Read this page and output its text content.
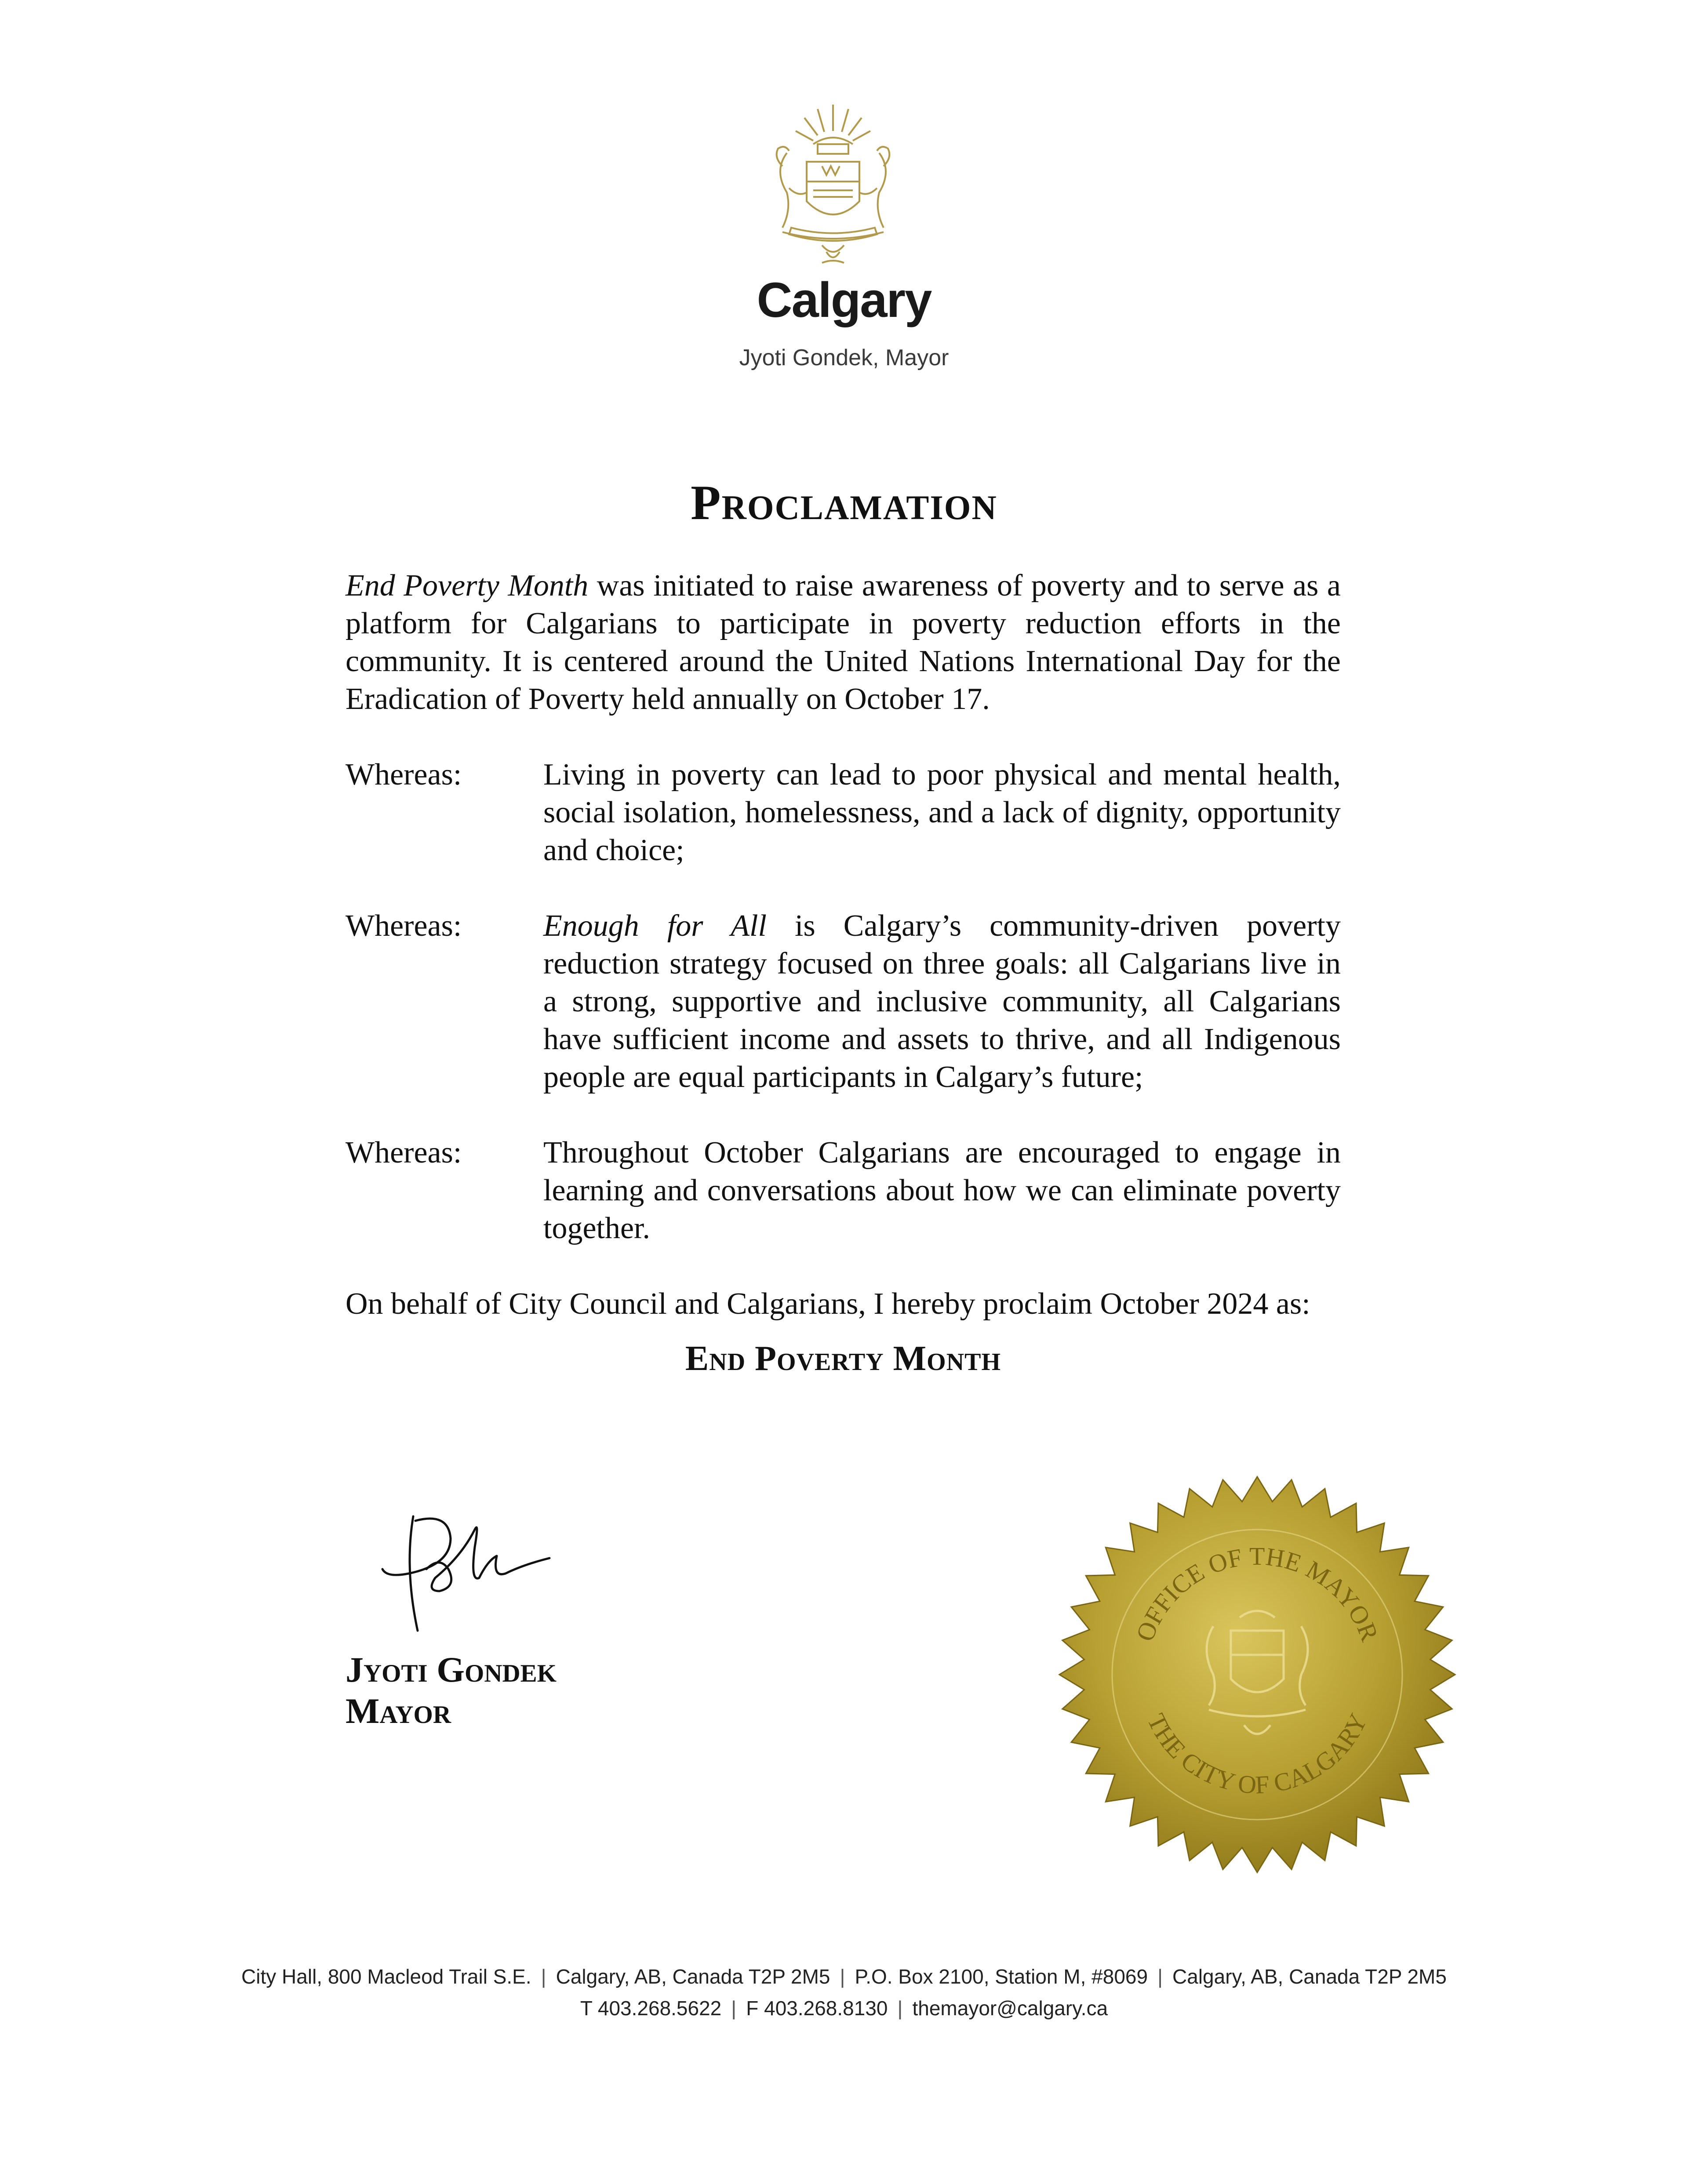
Calgary
Jyoti Gondek, Mayor
Proclamation

End Poverty Month was initiated to raise awareness of poverty and to serve as a platform for Calgarians to participate in poverty reduction efforts in the community. It is centered around the United Nations International Day for the Eradication of Poverty held annually on October 17.

Whereas:	Living in poverty can lead to poor physical and mental health, social isolation, homelessness, and a lack of dignity, opportunity and choice;
Whereas:	Enough for All is Calgary’s community-driven poverty reduction strategy focused on three goals: all Calgarians live in a strong, supportive and inclusive community, all Calgarians have sufficient income and assets to thrive, and all Indigenous people are equal participants in Calgary’s future;
Whereas:	Throughout October Calgarians are encouraged to engage in learning and conversations about how we can eliminate poverty together.
On behalf of City Council and Calgarians, I hereby proclaim October 2024 as:
End Poverty Month
Jyoti Gondek
Mayor
OFFICE OF THE MAYOR
THE CITY OF CALGARY
City Hall, 800 Macleod Trail S.E. | Calgary, AB, Canada T2P 2M5 | P.O. Box 2100, Station M, #8069 | Calgary, AB, Canada T2P 2M5
T 403.268.5622 | F 403.268.8130 | themayor@calgary.ca
